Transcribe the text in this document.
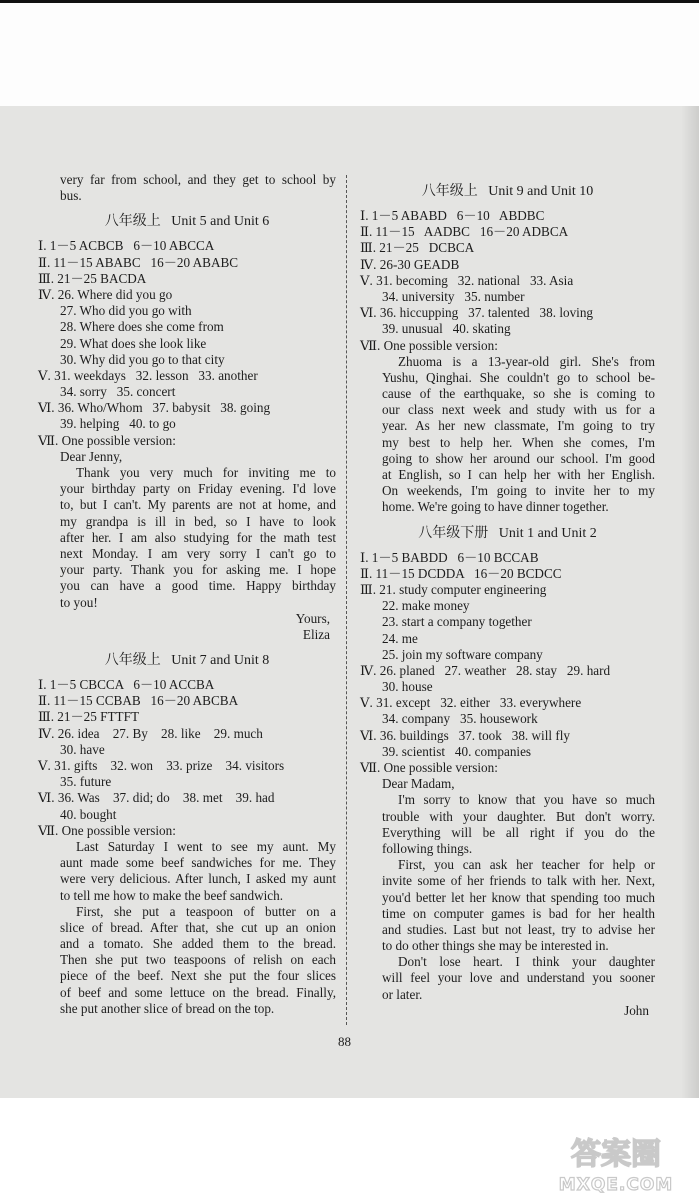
very far from school, and they get to school by
bus.
八年级上   Unit 5 and Unit 6
Ⅰ. 1－5 ACBCB   6－10 ABCCA
Ⅱ. 11－15 ABABC   16－20 ABABC
Ⅲ. 21－25 BACDA
Ⅳ. 26. Where did you go
27. Who did you go with
28. Where does she come from
29. What does she look like
30. Why did you go to that city
Ⅴ. 31. weekdays   32. lesson   33. another
34. sorry   35. concert
Ⅵ. 36. Who/Whom   37. babysit   38. going
39. helping   40. to go
Ⅶ. One possible version:
Dear Jenny,
Thank you very much for inviting me to
your birthday party on Friday evening. I'd love
to, but I can't. My parents are not at home, and
my grandpa is ill in bed, so I have to look
after her. I am also studying for the math test
next Monday. I am very sorry I can't go to
your party. Thank you for asking me. I hope
you can have a good time. Happy birthday
to you!
Yours,
Eliza
八年级上   Unit 7 and Unit 8
Ⅰ. 1－5 CBCCA   6－10 ACCBA
Ⅱ. 11－15 CCBAB   16－20 ABCBA
Ⅲ. 21－25 FTTFT
Ⅳ. 26. idea    27. By    28. like    29. much
30. have
Ⅴ. 31. gifts    32. won    33. prize    34. visitors
35. future
Ⅵ. 36. Was    37. did; do    38. met    39. had
40. bought
Ⅶ. One possible version:
Last Saturday I went to see my aunt. My
aunt made some beef sandwiches for me. They
were very delicious. After lunch, I asked my aunt
to tell me how to make the beef sandwich.
First, she put a teaspoon of butter on a
slice of bread. After that, she cut up an onion
and a tomato. She added them to the bread.
Then she put two teaspoons of relish on each
piece of the beef. Next she put the four slices
of beef and some lettuce on the bread. Finally,
she put another slice of bread on the top.
八年级上   Unit 9 and Unit 10
Ⅰ. 1－5 ABABD   6－10   ABDBC
Ⅱ. 11－15   AADBC   16－20 ADBCA
Ⅲ. 21－25   DCBCA
Ⅳ. 26-30 GEADB
Ⅴ. 31. becoming   32. national   33. Asia
34. university   35. number
Ⅵ. 36. hiccupping   37. talented   38. loving
39. unusual   40. skating
Ⅶ. One possible version:
Zhuoma is a 13-year-old girl. She's from
Yushu, Qinghai. She couldn't go to school be-
cause of the earthquake, so she is coming to
our class next week and study with us for a
year. As her new classmate, I'm going to try
my best to help her. When she comes, I'm
going to show her around our school. I'm good
at English, so I can help her with her English.
On weekends, I'm going to invite her to my
home. We're going to have dinner together.
八年级下册   Unit 1 and Unit 2
Ⅰ. 1－5 BABDD   6－10 BCCAB
Ⅱ. 11－15 DCDDA   16－20 BCDCC
Ⅲ. 21. study computer engineering
22. make money
23. start a company together
24. me
25. join my software company
Ⅳ. 26. planed   27. weather   28. stay   29. hard
30. house
Ⅴ. 31. except   32. either   33. everywhere
34. company   35. housework
Ⅵ. 36. buildings   37. took   38. will fly
39. scientist   40. companies
Ⅶ. One possible version:
Dear Madam,
I'm sorry to know that you have so much
trouble with your daughter. But don't worry.
Everything will be all right if you do the
following things.
First, you can ask her teacher for help or
invite some of her friends to talk with her. Next,
you'd better let her know that spending too much
time on computer games is bad for her health
and studies. Last but not least, try to advise her
to do other things she may be interested in.
Don't lose heart. I think your daughter
will feel your love and understand you sooner
or later.
John
88
答案圈
MXQE.COM
